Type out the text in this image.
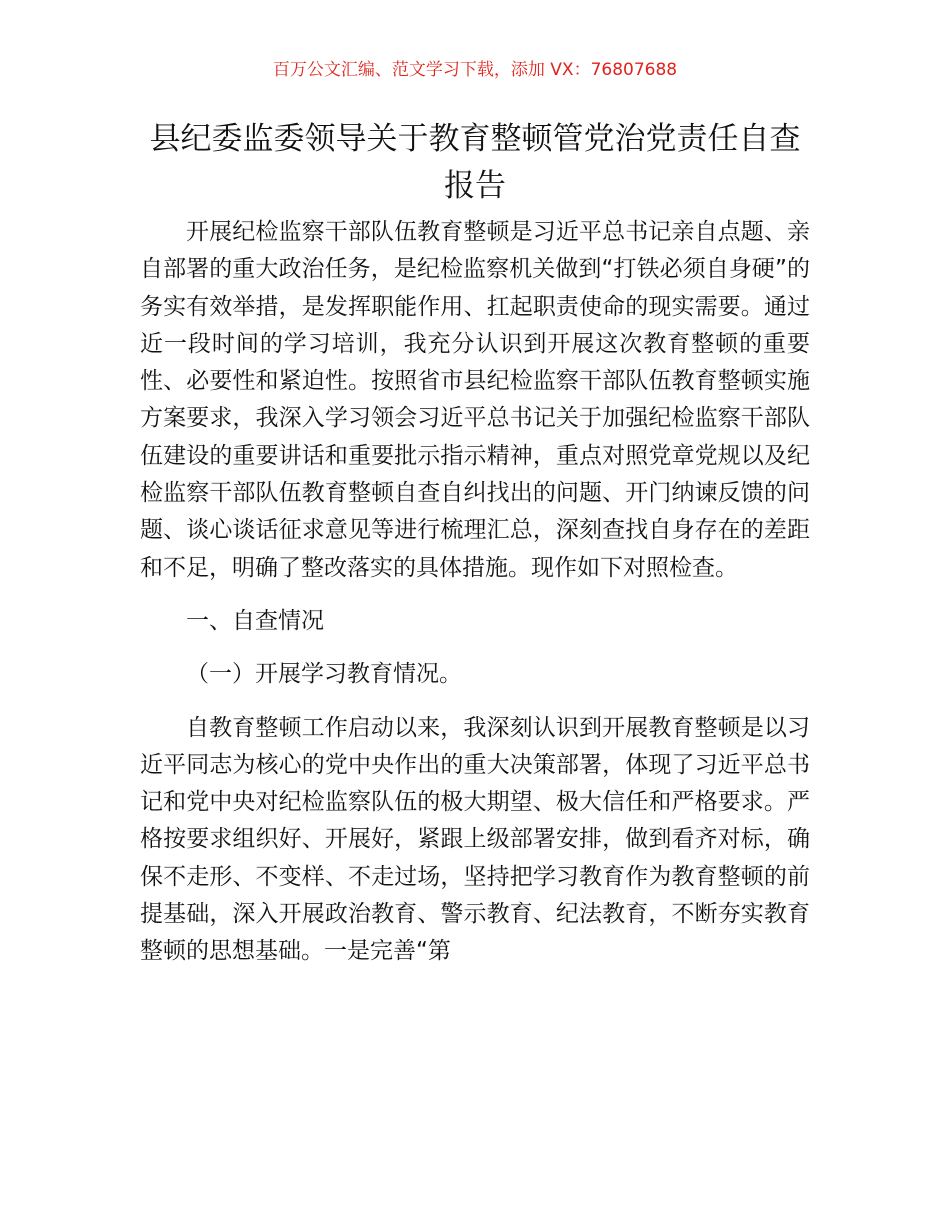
百万公文汇编、范文学习下载，添加 VX：76807688
县纪委监委领导关于教育整顿管党治党责任自查报告

开展纪检监察干部队伍教育整顿是习近平总书记亲自点题、亲自部署的重大政治任务，是纪检监察机关做到“打铁必须自身硬”的务实有效举措，是发挥职能作用、扛起职责使命的现实需要。通过近一段时间的学习培训，我充分认识到开展这次教育整顿的重要性、必要性和紧迫性。按照省市县纪检监察干部队伍教育整顿实施方案要求，我深入学习领会习近平总书记关于加强纪检监察干部队伍建设的重要讲话和重要批示指示精神，重点对照党章党规以及纪检监察干部队伍教育整顿自查自纠找出的问题、开门纳谏反馈的问题、谈心谈话征求意见等进行梳理汇总，深刻查找自身存在的差距和不足，明确了整改落实的具体措施。现作如下对照检查。

一、自查情况

（一）开展学习教育情况。

自教育整顿工作启动以来，我深刻认识到开展教育整顿是以习近平同志为核心的党中央作出的重大决策部署，体现了习近平总书记和党中央对纪检监察队伍的极大期望、极大信任和严格要求。严格按要求组织好、开展好，紧跟上级部署安排，做到看齐对标，确保不走形、不变样、不走过场，坚持把学习教育作为教育整顿的前提基础，深入开展政治教育、警示教育、纪法教育，不断夯实教育整顿的思想基础。一是完善“第
